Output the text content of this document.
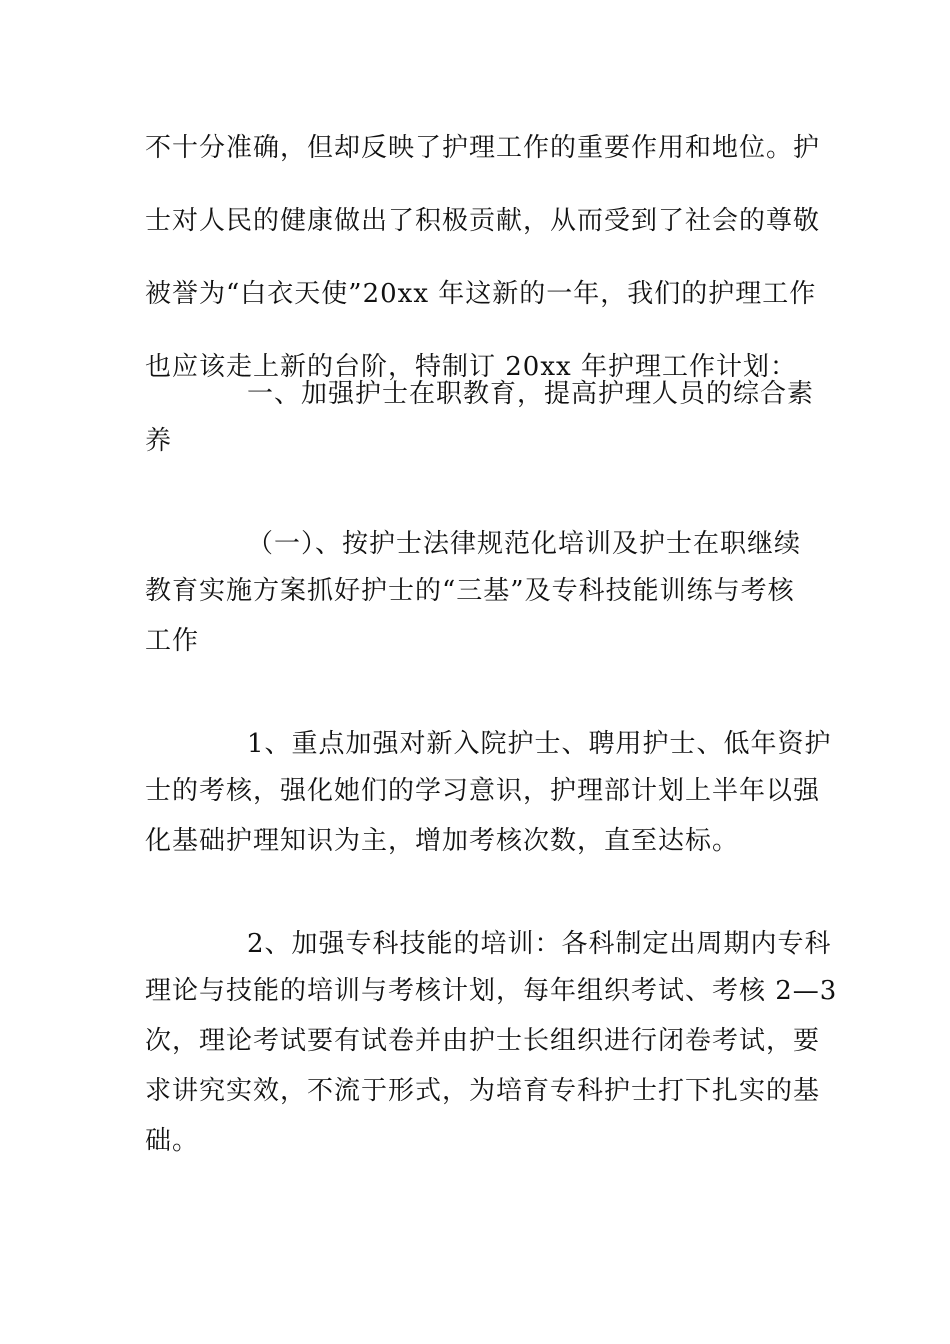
不十分准确，但却反映了护理工作的重要作用和地位。护
士对人民的健康做出了积极贡献，从而受到了社会的尊敬
被誉为“白衣天使”20xx 年这新的一年，我们的护理工作
也应该走上新的台阶，特制订 20xx 年护理工作计划：
一、加强护士在职教育，提高护理人员的综合素
养
（一）、按护士法律规范化培训及护士在职继续
教育实施方案抓好护士的“三基”及专科技能训练与考核
工作
1、重点加强对新入院护士、聘用护士、低年资护
士的考核，强化她们的学习意识，护理部计划上半年以强
化基础护理知识为主，增加考核次数，直至达标。
2、加强专科技能的培训：各科制定出周期内专科
理论与技能的培训与考核计划，每年组织考试、考核 2—3
次，理论考试要有试卷并由护士长组织进行闭卷考试，要
求讲究实效，不流于形式，为培育专科护士打下扎实的基
础。
